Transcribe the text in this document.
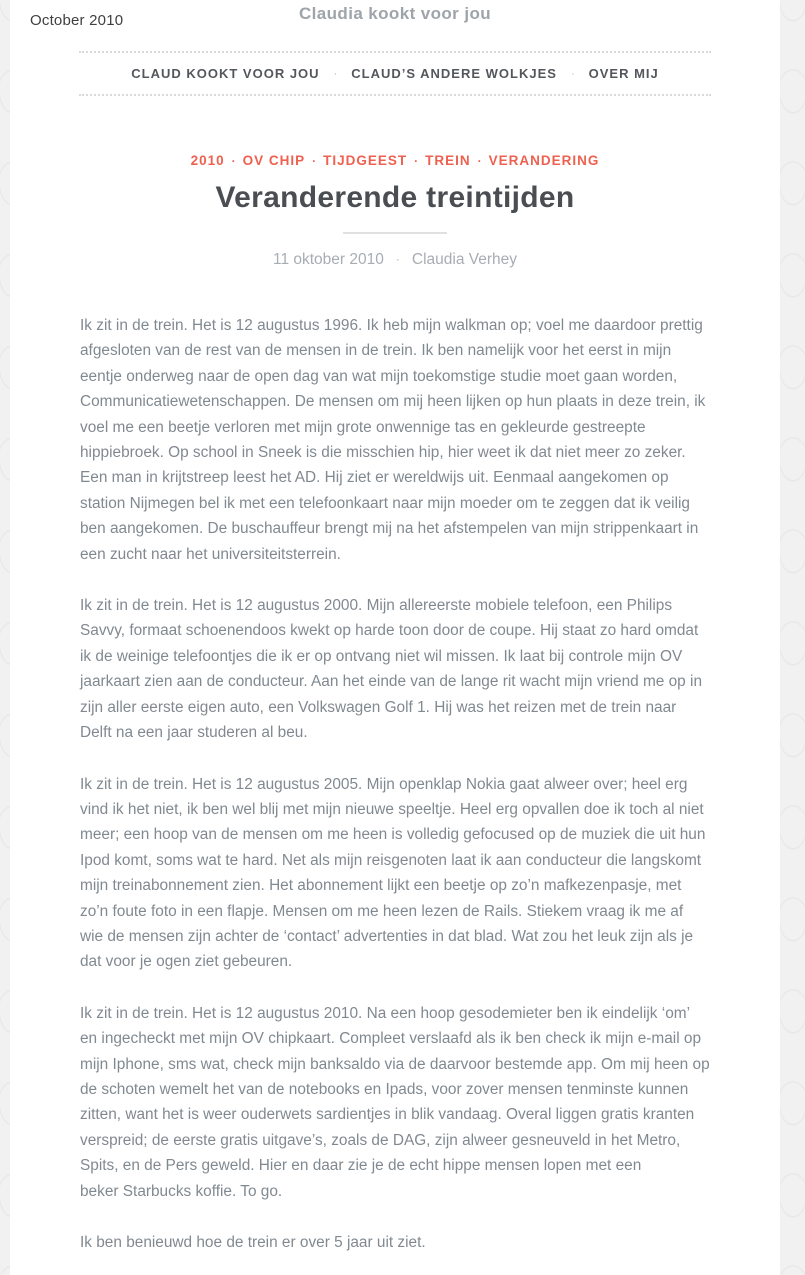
Claudia kookt voor jou
CLAUD KOOKT VOOR JOU · CLAUD’S ANDERE WOLKJES · OVER MIJ
2010 · OV CHIP · TIJDGEEST · TREIN · VERANDERING
Veranderende treintijden
11 oktober 2010 · Claudia Verhey

Ik zit in de trein. Het is 12 augustus 1996. Ik heb mijn walkman op; voel me daardoor prettig afgesloten van de rest van de mensen in de trein. Ik ben namelijk voor het eerst in mijn eentje onderweg naar de open dag van wat mijn toekomstige studie moet gaan worden, Communicatiewetenschappen. De mensen om mij heen lijken op hun plaats in deze trein, ik voel me een beetje verloren met mijn grote onwennige tas en gekleurde gestreepte hippiebroek. Op school in Sneek is die misschien hip, hier weet ik dat niet meer zo zeker. Een man in krijtstreep leest het AD. Hij ziet er wereldwijs uit. Eenmaal aangekomen op station Nijmegen bel ik met een telefoonkaart naar mijn moeder om te zeggen dat ik veilig ben aangekomen. De buschauffeur brengt mij na het afstempelen van mijn strippenkaart in een zucht naar het universiteitsterrein.

Ik zit in de trein. Het is 12 augustus 2000. Mijn allereerste mobiele telefoon, een Philips Savvy, formaat schoenendoos kwekt op harde toon door de coupe. Hij staat zo hard omdat ik de weinige telefoontjes die ik er op ontvang niet wil missen. Ik laat bij controle mijn OV jaarkaart zien aan de conducteur. Aan het einde van de lange rit wacht mijn vriend me op in zijn aller eerste eigen auto, een Volkswagen Golf 1. Hij was het reizen met de trein naar Delft na een jaar studeren al beu.

Ik zit in de trein. Het is 12 augustus 2005. Mijn openklap Nokia gaat alweer over; heel erg vind ik het niet, ik ben wel blij met mijn nieuwe speeltje. Heel erg opvallen doe ik toch al niet meer; een hoop van de mensen om me heen is volledig gefocused op de muziek die uit hun Ipod komt, soms wat te hard. Net als mijn reisgenoten laat ik aan conducteur die langskomt mijn treinabonnement zien. Het abonnement lijkt een beetje op zo’n mafkezenpasje, met zo’n foute foto in een flapje. Mensen om me heen lezen de Rails. Stiekem vraag ik me af wie de mensen zijn achter de ‘contact’ advertenties in dat blad. Wat zou het leuk zijn als je dat voor je ogen ziet gebeuren.

Ik zit in de trein. Het is 12 augustus 2010. Na een hoop gesodemieter ben ik eindelijk ‘om’ en ingecheckt met mijn OV chipkaart. Compleet verslaafd als ik ben check ik mijn e-mail op mijn Iphone, sms wat, check mijn banksaldo via de daarvoor bestemde app. Om mij heen op de schoten wemelt het van de notebooks en Ipads, voor zover mensen tenminste kunnen zitten, want het is weer ouderwets sardientjes in blik vandaag. Overal liggen gratis kranten verspreid; de eerste gratis uitgave’s, zoals de DAG, zijn alweer gesneuveld in het Metro, Spits, en de Pers geweld. Hier en daar zie je de echt hippe mensen lopen met een
beker Starbucks koffie. To go.

Ik ben benieuwd hoe de trein er over 5 jaar uit ziet.

October 2010
